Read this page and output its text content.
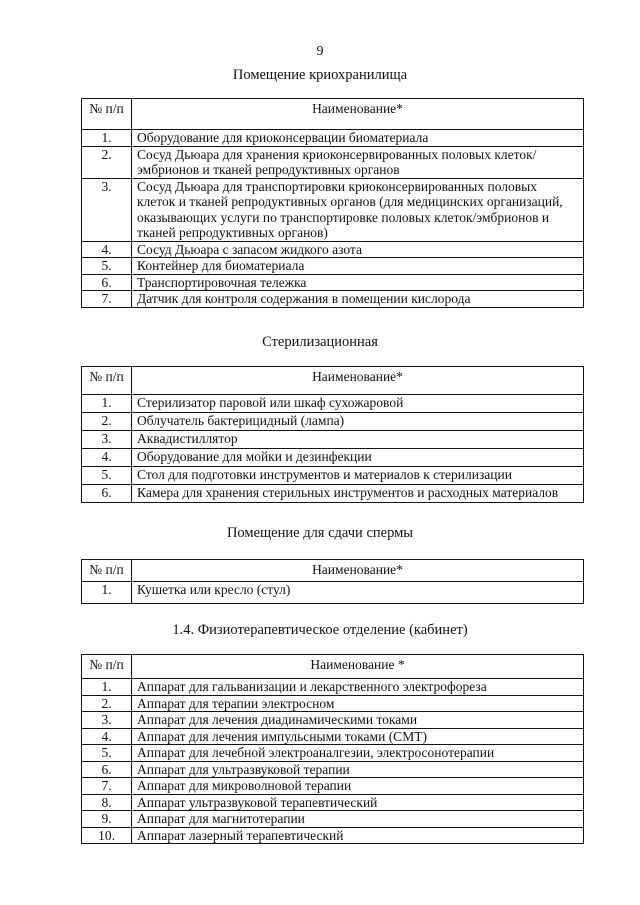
9
Помещение криохранилища
№ п/п	Наименование*
1.	Оборудование для криоконсервации биоматериала
2.	Сосуд Дьюара для хранения криоконсервированных половых клеток/эмбрионов и тканей репродуктивных органов
3.	Сосуд Дьюара для транспортировки криоконсервированных половых клеток и тканей репродуктивных органов (для медицинских организаций, оказывающих услуги по транспортировке половых клеток/эмбрионов и тканей репродуктивных органов)
4.	Сосуд Дьюара с запасом жидкого азота
5.	Контейнер для биоматериала
6.	Транспортировочная тележка
7.	Датчик для контроля содержания в помещении кислорода
Стерилизационная
№ п/п	Наименование*
1.	Стерилизатор паровой или шкаф сухожаровой
2.	Облучатель бактерицидный (лампа)
3.	Аквадистиллятор
4.	Оборудование для мойки и дезинфекции
5.	Стол для подготовки инструментов и материалов к стерилизации
6.	Камера для хранения стерильных инструментов и расходных материалов
Помещение для сдачи спермы
№ п/п	Наименование*
1.	Кушетка или кресло (стул)
1.4. Физиотерапевтическое отделение (кабинет)
№ п/п	Наименование *
1.	Аппарат для гальванизации и лекарственного электрофореза
2.	Аппарат для терапии электросном
3.	Аппарат для лечения диадинамическими токами
4.	Аппарат для лечения импульсными токами (СМТ)
5.	Аппарат для лечебной электроаналгезии, электросонотерапии
6.	Аппарат для ультразвуковой терапии
7.	Аппарат для микроволновой терапии
8.	Аппарат ультразвуковой терапевтический
9.	Аппарат для магнитотерапии
10.	Аппарат лазерный терапевтический
